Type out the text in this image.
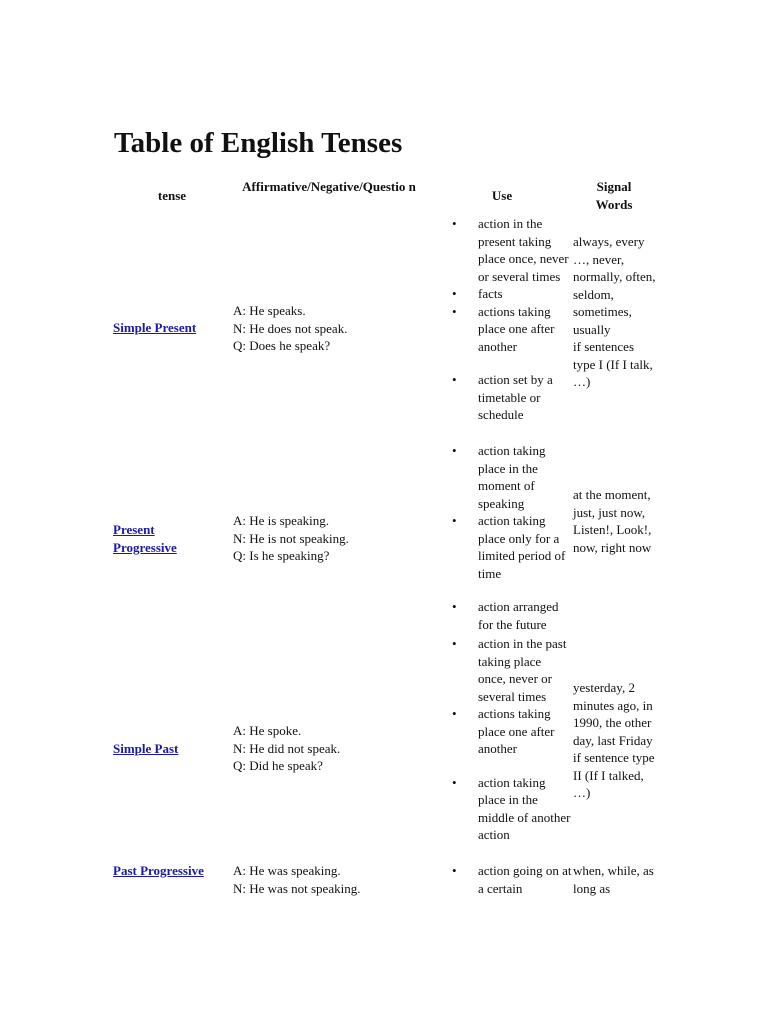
Table of English Tenses
tense
Affirmative/Negative/Questio n
Use
Signal Words
Simple Present
A: He speaks.
N: He does not speak.
Q: Does he speak?
• action in the present taking place once, never or several times
• facts
• actions taking place one after another
• action set by a timetable or schedule
always, every …, never, normally, often, seldom, sometimes, usually
if sentences type I (If I talk, …)
Present Progressive
A: He is speaking.
N: He is not speaking.
Q: Is he speaking?
• action taking place in the moment of speaking
• action taking place only for a limited period of time
• action arranged for the future
at the moment, just, just now, Listen!, Look!, now, right now
Simple Past
A: He spoke.
N: He did not speak.
Q: Did he speak?
• action in the past taking place once, never or several times
• actions taking place one after another
• action taking place in the middle of another action
yesterday, 2 minutes ago, in 1990, the other day, last Friday
if sentence type II (If I talked, …)
Past Progressive A: He was speaking.
N: He was not speaking.
• action going on at a certain
when, while, as long as
